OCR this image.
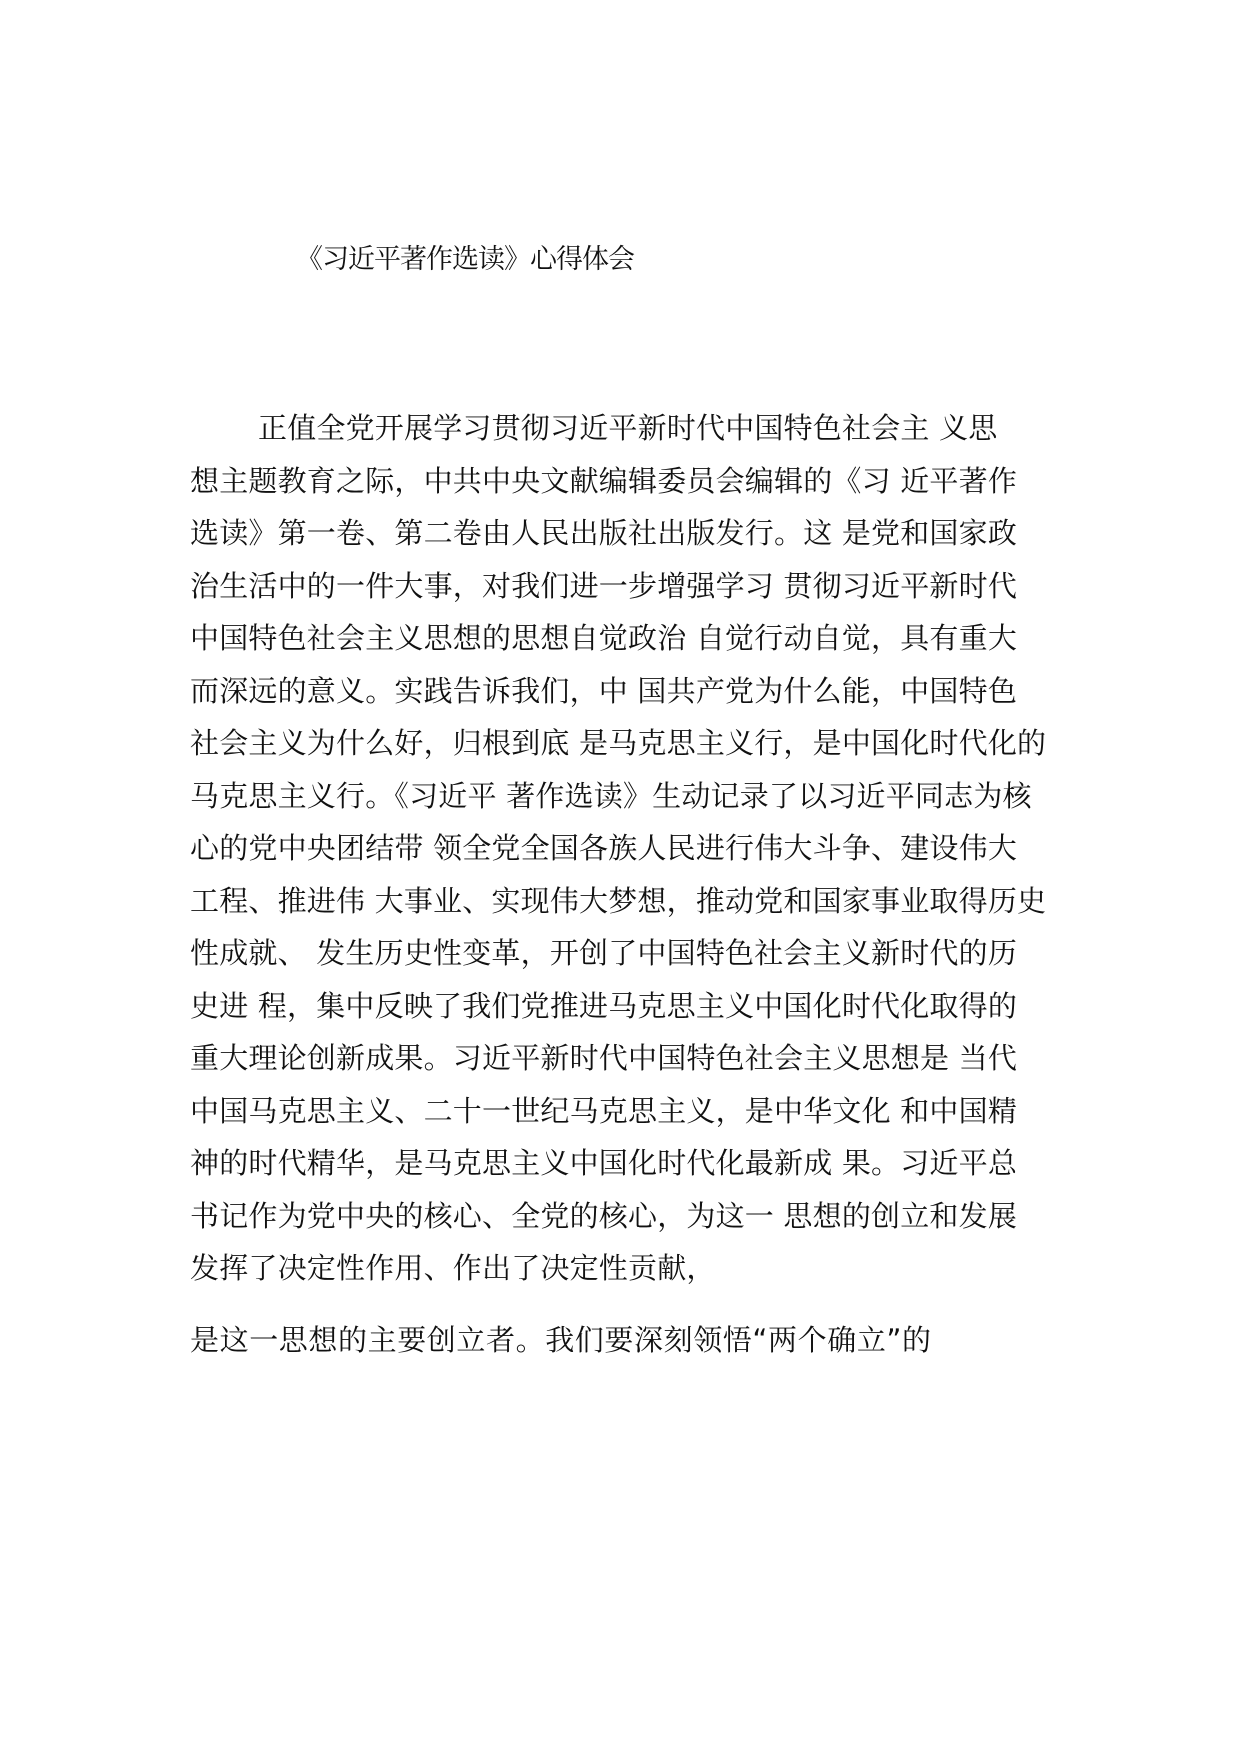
《习近平著作选读》心得体会
正值全党开展学习贯彻习近平新时代中国特色社会主 义思
想主题教育之际，中共中央文献编辑委员会编辑的《习 近平著作
选读》第一卷、第二卷由人民出版社出版发行。这 是党和国家政
治生活中的一件大事，对我们进一步增强学习 贯彻习近平新时代
中国特色社会主义思想的思想自觉政治 自觉行动自觉，具有重大
而深远的意义。实践告诉我们，中 国共产党为什么能，中国特色
社会主义为什么好，归根到底 是马克思主义行，是中国化时代化的
马克思主义行。《习近平 著作选读》生动记录了以习近平同志为核
心的党中央团结带 领全党全国各族人民进行伟大斗争、建设伟大
工程、推进伟 大事业、实现伟大梦想，推动党和国家事业取得历史
性成就、 发生历史性变革，开创了中国特色社会主义新时代的历
史进 程，集中反映了我们党推进马克思主义中国化时代化取得的
重大理论创新成果。习近平新时代中国特色社会主义思想是 当代
中国马克思主义、二十一世纪马克思主义，是中华文化 和中国精
神的时代精华，是马克思主义中国化时代化最新成 果。习近平总
书记作为党中央的核心、全党的核心，为这一 思想的创立和发展
发挥了决定性作用、作出了决定性贡献，
是这一思想的主要创立者。我们要深刻领悟“两个确立”的
